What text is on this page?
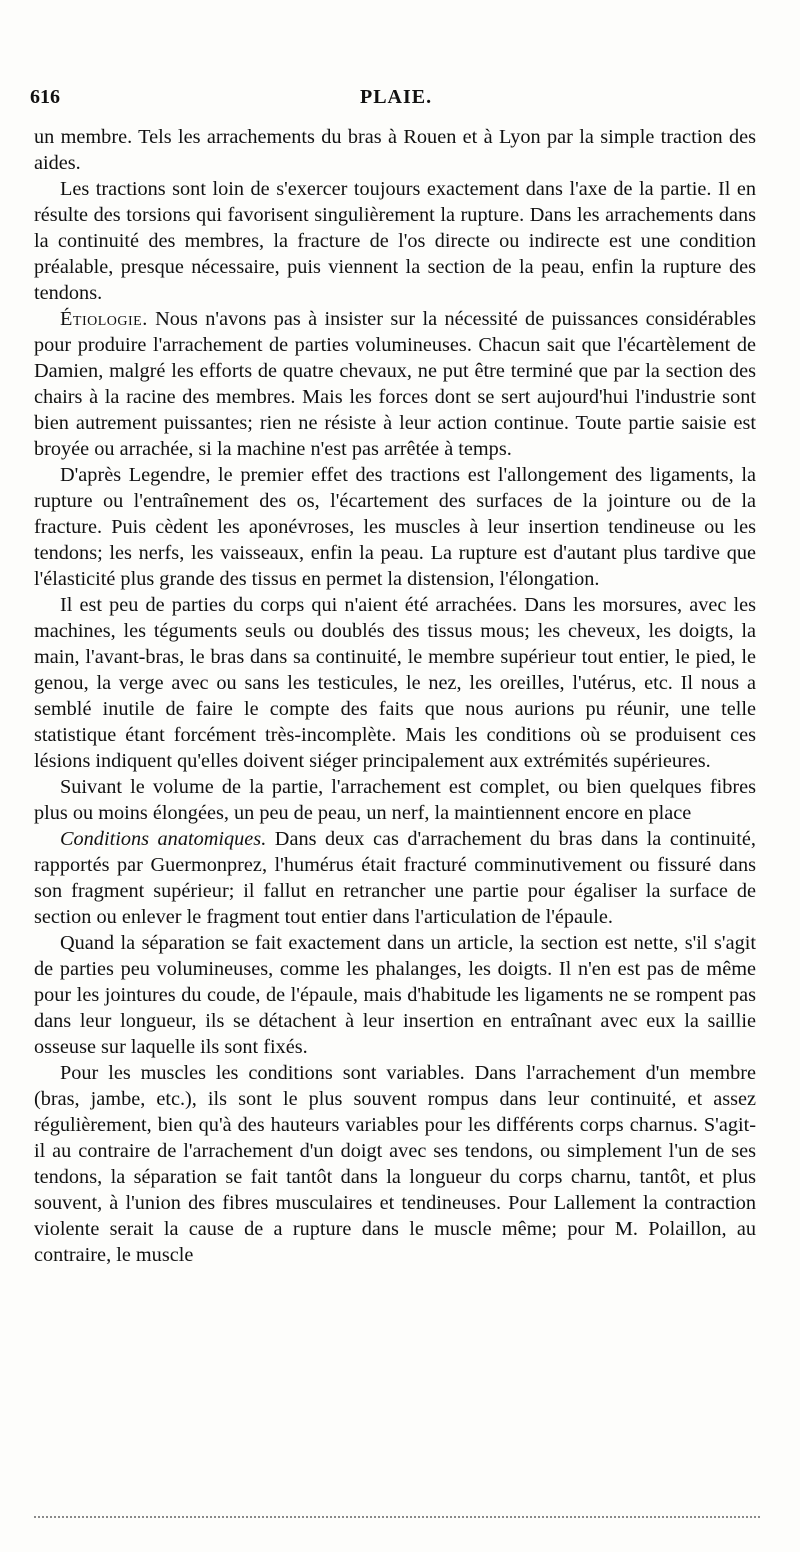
616	PLAIE.

un membre. Tels les arrachements du bras à Rouen et à Lyon par la simple traction des aides.

Les tractions sont loin de s'exercer toujours exactement dans l'axe de la partie. Il en résulte des torsions qui favorisent singulièrement la rupture. Dans les arrachements dans la continuité des membres, la fracture de l'os directe ou indirecte est une condition préalable, presque nécessaire, puis viennent la section de la peau, enfin la rupture des tendons.

Étiologie. Nous n'avons pas à insister sur la nécessité de puissances considérables pour produire l'arrachement de parties volumineuses. Chacun sait que l'écartèlement de Damien, malgré les efforts de quatre chevaux, ne put être terminé que par la section des chairs à la racine des membres. Mais les forces dont se sert aujourd'hui l'industrie sont bien autrement puissantes; rien ne résiste à leur action continue. Toute partie saisie est broyée ou arrachée, si la machine n'est pas arrêtée à temps.

D'après Legendre, le premier effet des tractions est l'allongement des ligaments, la rupture ou l'entraînement des os, l'écartement des surfaces de la jointure ou de la fracture. Puis cèdent les aponévroses, les muscles à leur insertion tendineuse ou les tendons; les nerfs, les vaisseaux, enfin la peau. La rupture est d'autant plus tardive que l'élasticité plus grande des tissus en permet la distension, l'élongation.

Il est peu de parties du corps qui n'aient été arrachées. Dans les morsures, avec les machines, les téguments seuls ou doublés des tissus mous; les cheveux, les doigts, la main, l'avant-bras, le bras dans sa continuité, le membre supérieur tout entier, le pied, le genou, la verge avec ou sans les testicules, le nez, les oreilles, l'utérus, etc. Il nous a semblé inutile de faire le compte des faits que nous aurions pu réunir, une telle statistique étant forcément très-incomplète. Mais les conditions où se produisent ces lésions indiquent qu'elles doivent siéger principalement aux extrémités supérieures.

Suivant le volume de la partie, l'arrachement est complet, ou bien quelques fibres plus ou moins élongées, un peu de peau, un nerf, la maintiennent encore en place

Conditions anatomiques. Dans deux cas d'arrachement du bras dans la continuité, rapportés par Guermonprez, l'humérus était fracturé comminutivement ou fissuré dans son fragment supérieur; il fallut en retrancher une partie pour égaliser la surface de section ou enlever le fragment tout entier dans l'articulation de l'épaule.

Quand la séparation se fait exactement dans un article, la section est nette, s'il s'agit de parties peu volumineuses, comme les phalanges, les doigts. Il n'en est pas de même pour les jointures du coude, de l'épaule, mais d'habitude les ligaments ne se rompent pas dans leur longueur, ils se détachent à leur insertion en entraînant avec eux la saillie osseuse sur laquelle ils sont fixés.

Pour les muscles les conditions sont variables. Dans l'arrachement d'un membre (bras, jambe, etc.), ils sont le plus souvent rompus dans leur continuité, et assez régulièrement, bien qu'à des hauteurs variables pour les différents corps charnus. S'agit-il au contraire de l'arrachement d'un doigt avec ses tendons, ou simplement l'un de ses tendons, la séparation se fait tantôt dans la longueur du corps charnu, tantôt, et plus souvent, à l'union des fibres musculaires et tendineuses. Pour Lallement la contraction violente serait la cause de a rupture dans le muscle même; pour M. Polaillon, au contraire, le muscle
